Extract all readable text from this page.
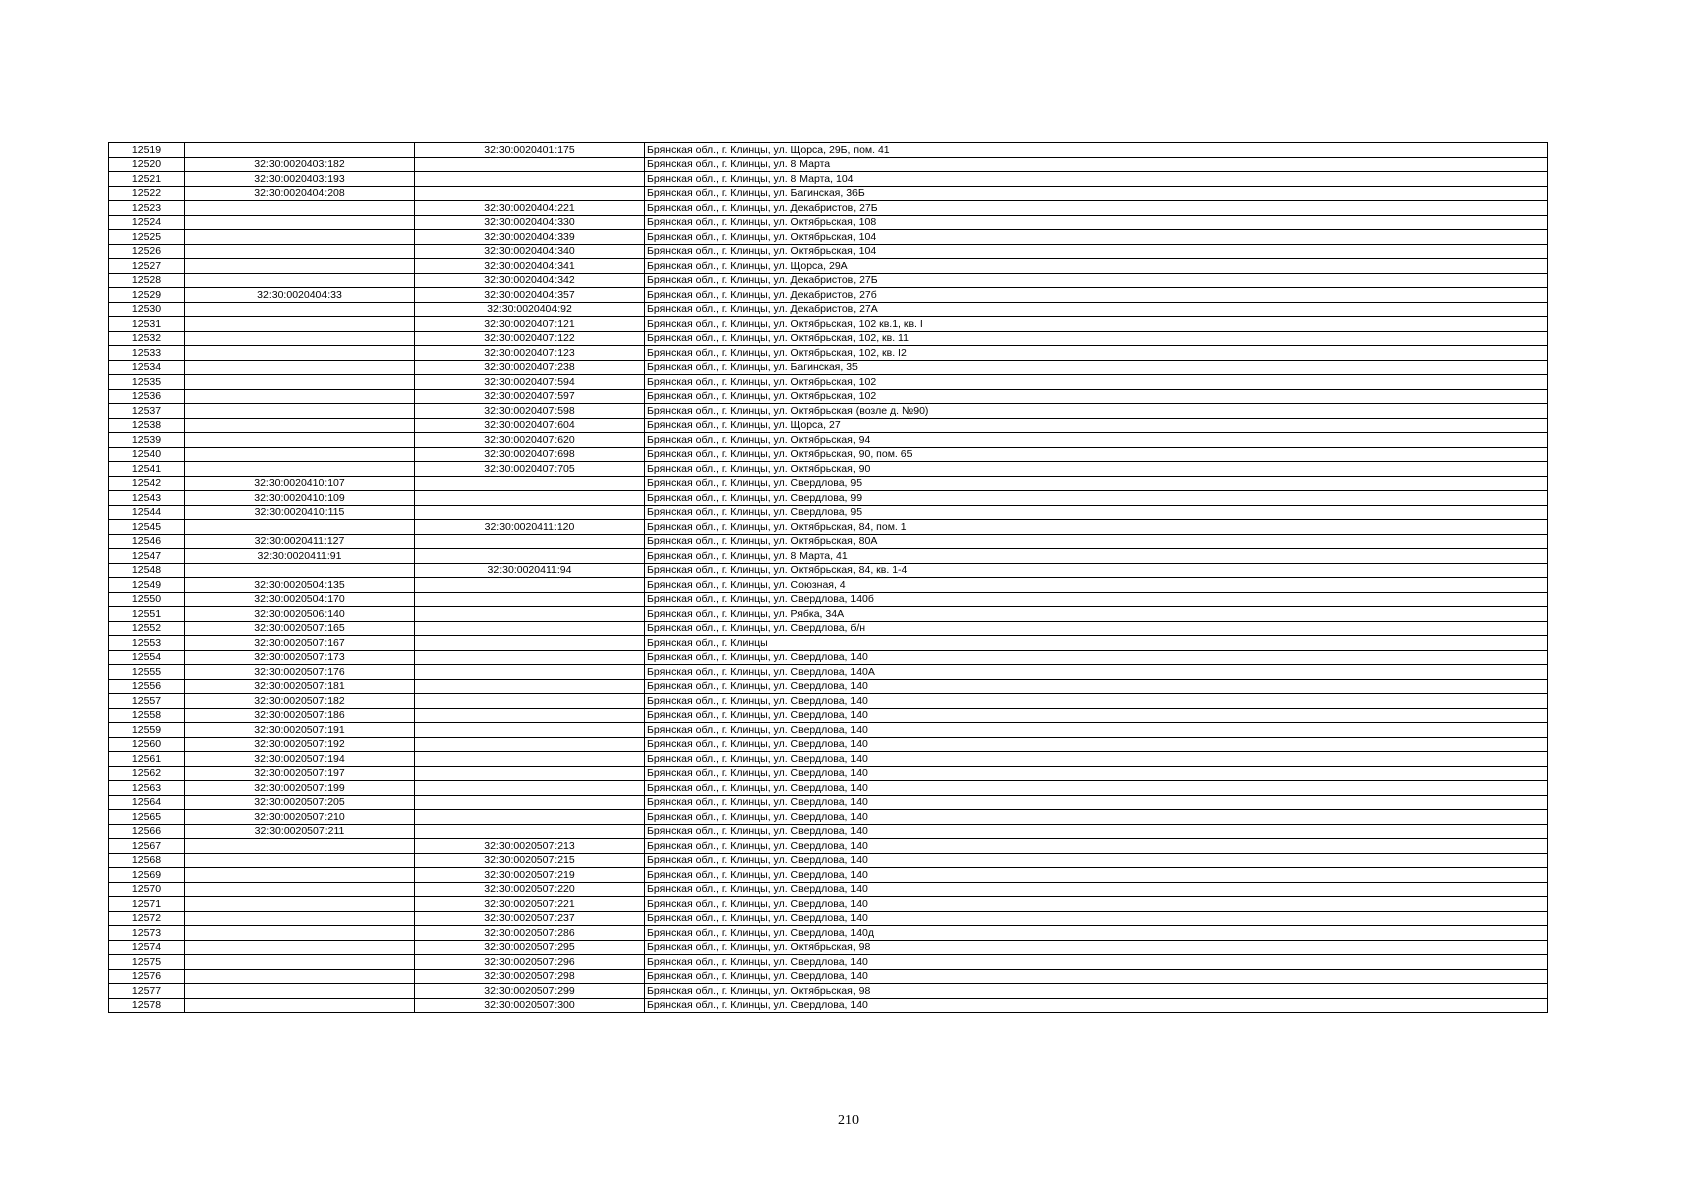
12519		32:30:0020401:175	Брянская обл., г. Клинцы, ул. Щорса, 29Б, пом. 41
12520	32:30:0020403:182		Брянская обл., г. Клинцы, ул. 8 Марта
12521	32:30:0020403:193		Брянская обл., г. Клинцы, ул. 8 Марта, 104
12522	32:30:0020404:208		Брянская обл., г. Клинцы, ул. Багинская, 36Б
12523		32:30:0020404:221	Брянская обл., г. Клинцы, ул. Декабристов, 27Б
12524		32:30:0020404:330	Брянская обл., г. Клинцы, ул. Октябрьская, 108
12525		32:30:0020404:339	Брянская обл., г. Клинцы, ул. Октябрьская, 104
12526		32:30:0020404:340	Брянская обл., г. Клинцы, ул. Октябрьская, 104
12527		32:30:0020404:341	Брянская обл., г. Клинцы, ул. Щорса, 29А
12528		32:30:0020404:342	Брянская обл., г. Клинцы, ул. Декабристов, 27Б
12529	32:30:0020404:33	32:30:0020404:357	Брянская обл., г. Клинцы, ул. Декабристов, 27б
12530		32:30:0020404:92	Брянская обл., г. Клинцы, ул. Декабристов, 27А
12531		32:30:0020407:121	Брянская обл., г. Клинцы, ул. Октябрьская, 102 кв.1, кв. I
12532		32:30:0020407:122	Брянская обл., г. Клинцы, ул. Октябрьская, 102, кв. 11
12533		32:30:0020407:123	Брянская обл., г. Клинцы, ул. Октябрьская, 102, кв. I2
12534		32:30:0020407:238	Брянская обл., г. Клинцы, ул. Багинская, 35
12535		32:30:0020407:594	Брянская обл., г. Клинцы, ул. Октябрьская, 102
12536		32:30:0020407:597	Брянская обл., г. Клинцы, ул. Октябрьская, 102
12537		32:30:0020407:598	Брянская обл., г. Клинцы, ул. Октябрьская (возле д. №90)
12538		32:30:0020407:604	Брянская обл., г. Клинцы, ул. Щорса, 27
12539		32:30:0020407:620	Брянская обл., г. Клинцы, ул. Октябрьская, 94
12540		32:30:0020407:698	Брянская обл., г. Клинцы, ул. Октябрьская, 90, пом. 65
12541		32:30:0020407:705	Брянская обл., г. Клинцы, ул. Октябрьская, 90
12542	32:30:0020410:107		Брянская обл., г. Клинцы, ул. Свердлова, 95
12543	32:30:0020410:109		Брянская обл., г. Клинцы, ул. Свердлова, 99
12544	32:30:0020410:115		Брянская обл., г. Клинцы, ул. Свердлова, 95
12545		32:30:0020411:120	Брянская обл., г. Клинцы, ул. Октябрьская, 84, пом. 1
12546	32:30:0020411:127		Брянская обл., г. Клинцы, ул. Октябрьская, 80А
12547	32:30:0020411:91		Брянская обл., г. Клинцы, ул. 8 Марта, 41
12548		32:30:0020411:94	Брянская обл., г. Клинцы, ул. Октябрьская, 84, кв. 1-4
12549	32:30:0020504:135		Брянская обл., г. Клинцы, ул. Союзная, 4
12550	32:30:0020504:170		Брянская обл., г. Клинцы, ул. Свердлова, 140б
12551	32:30:0020506:140		Брянская обл., г. Клинцы, ул. Рябка, 34А
12552	32:30:0020507:165		Брянская обл., г. Клинцы, ул. Свердлова, б/н
12553	32:30:0020507:167		Брянская обл., г. Клинцы
12554	32:30:0020507:173		Брянская обл., г. Клинцы, ул. Свердлова, 140
12555	32:30:0020507:176		Брянская обл., г. Клинцы, ул. Свердлова, 140А
12556	32:30:0020507:181		Брянская обл., г. Клинцы, ул. Свердлова, 140
12557	32:30:0020507:182		Брянская обл., г. Клинцы, ул. Свердлова, 140
12558	32:30:0020507:186		Брянская обл., г. Клинцы, ул. Свердлова, 140
12559	32:30:0020507:191		Брянская обл., г. Клинцы, ул. Свердлова, 140
12560	32:30:0020507:192		Брянская обл., г. Клинцы, ул. Свердлова, 140
12561	32:30:0020507:194		Брянская обл., г. Клинцы, ул. Свердлова, 140
12562	32:30:0020507:197		Брянская обл., г. Клинцы, ул. Свердлова, 140
12563	32:30:0020507:199		Брянская обл., г. Клинцы, ул. Свердлова, 140
12564	32:30:0020507:205		Брянская обл., г. Клинцы, ул. Свердлова, 140
12565	32:30:0020507:210		Брянская обл., г. Клинцы, ул. Свердлова, 140
12566	32:30:0020507:211		Брянская обл., г. Клинцы, ул. Свердлова, 140
12567		32:30:0020507:213	Брянская обл., г. Клинцы, ул. Свердлова, 140
12568		32:30:0020507:215	Брянская обл., г. Клинцы, ул. Свердлова, 140
12569		32:30:0020507:219	Брянская обл., г. Клинцы, ул. Свердлова, 140
12570		32:30:0020507:220	Брянская обл., г. Клинцы, ул. Свердлова, 140
12571		32:30:0020507:221	Брянская обл., г. Клинцы, ул. Свердлова, 140
12572		32:30:0020507:237	Брянская обл., г. Клинцы, ул. Свердлова, 140
12573		32:30:0020507:286	Брянская обл., г. Клинцы, ул. Свердлова, 140д
12574		32:30:0020507:295	Брянская обл., г. Клинцы, ул. Октябрьская, 98
12575		32:30:0020507:296	Брянская обл., г. Клинцы, ул. Свердлова, 140
12576		32:30:0020507:298	Брянская обл., г. Клинцы, ул. Свердлова, 140
12577		32:30:0020507:299	Брянская обл., г. Клинцы, ул. Октябрьская, 98
12578		32:30:0020507:300	Брянская обл., г. Клинцы, ул. Свердлова, 140
210
